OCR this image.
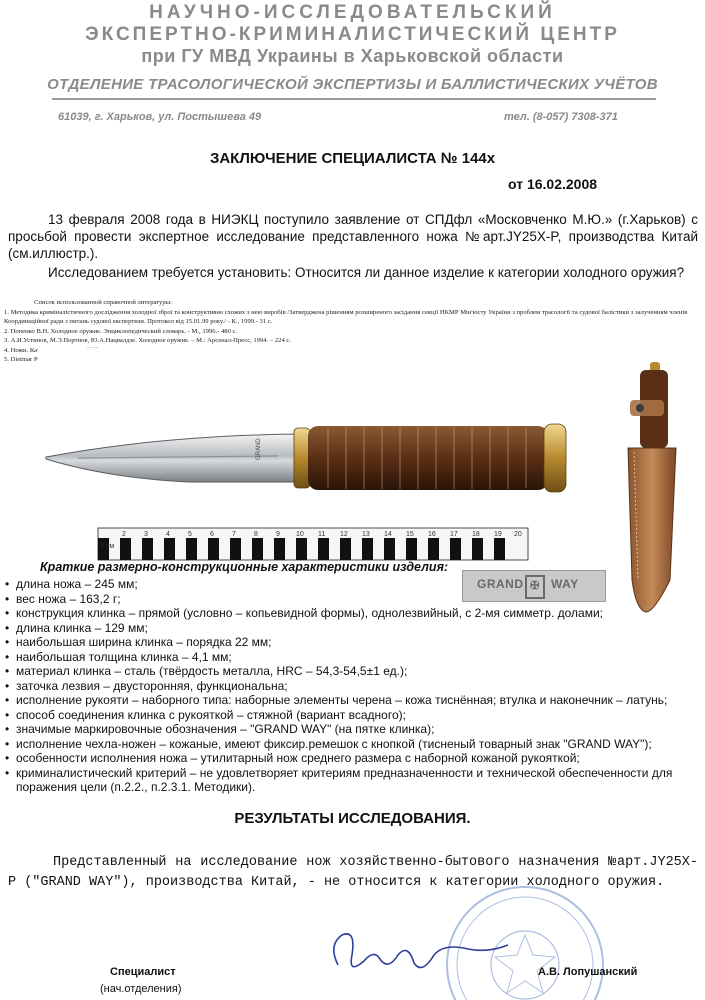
НАУЧНО-ИССЛЕДОВАТЕЛЬСКИЙ
ЭКСПЕРТНО-КРИМИНАЛИСТИЧЕСКИЙ ЦЕНТР
при ГУ МВД Украины в Харьковской области
ОТДЕЛЕНИЕ ТРАСОЛОГИЧЕСКОЙ ЭКСПЕРТИЗЫ И БАЛЛИСТИЧЕСКИХ УЧЁТОВ
61039, г. Харьков, ул. Постышева 49	тел. (8-057) 7308-371
ЗАКЛЮЧЕНИЕ СПЕЦИАЛИСТА № 144х
от 16.02.2008
13 февраля 2008 года в НИЭКЦ поступило заявление от СПДфл «Московченко М.Ю.» (г.Харьков) с просьбой провести экспертное исследование представленного ножа №арт.JY25X-P, производства Китай (см.иллюстр.).
Исследованием требуется установить: Относится ли данное изделие к категории холодного оружия?
Список использованной справочной литературы:
1. Методика криміналістичного дослідження холодної зброї та конструктивно схожих з нею виробів /Затверджена рішенням розширеного засідання секції НКМР Мін'юсту України з проблем трасології та судової балістики з залученням членів Координаційної ради з питань судової експертизи. Протокол від 15.01.99 року./ - К., 1999.- 31 с.
2. Попенко В.Н. Холодное оружие. Энциклопедический словарь. - М., 1996.- 480 с.
3. А.И.Устинов, М.Э.Портнов, Ю.А.Нацвалдзе. Холодное оружие. – М.: Арсенал-Пресс, 1994. – 224 с.
4. Ножи. Каталог-ежегодник, №№ 1/2/3. – М.: Издательство «Премьера», 2002/2003/2004/2006.
5. Dietmar Pohl. Taktische Einsatzmesser. В переводе: Современные боевые ножи. – М.: ЗАО «Омега», 2003. – 191 с.
GRAND
1 см
2	3	4	5	6	7	8	9 10 11 12 13 14 15 16 17 18 19 20
GRAND ✠ WAY
Краткие размерно-конструкционные характеристики изделия:
• длина ножа – 245 мм;
• вес ножа – 163,2 г;
• конструкция клинка – прямой (условно – копьевидной формы), однолезвийный, с 2-мя симметр. долами;
• длина клинка – 129 мм;
• наибольшая ширина клинка – порядка 22 мм;
• наибольшая толщина клинка – 4,1 мм;
• материал клинка – сталь (твёрдость металла, HRC – 54,3-54,5±1 ед.);
• заточка лезвия – двусторонняя, функциональна;
• исполнение рукояти – наборного типа: наборные элементы черена – кожа тиснённая; втулка и наконечник – латунь;
• способ соединения клинка с рукояткой – стяжной (вариант всадного);
• значимые маркировочные обозначения – "GRAND WAY" (на пятке клинка);
• исполнение чехла-ножен – кожаные, имеют фиксир.ремешок с кнопкой (тисненый товарный знак "GRAND WAY");
• особенности исполнения ножа – утилитарный нож среднего размера с наборной кожаной рукояткой;
• криминалистический критерий – не удовлетворяет критериям предназначенности и технической обеспеченности для поражения цели (п.2.2., п.2.3.1. Методики).
РЕЗУЛЬТАТЫ ИССЛЕДОВАНИЯ.
Представленный на исследование нож хозяйственно-бытового назначения №арт.JY25X-P ("GRAND WAY"), производства Китай, - не относится к категории холодного оружия.
Специалист
(нач.отделения)
А.В. Лопушанский
